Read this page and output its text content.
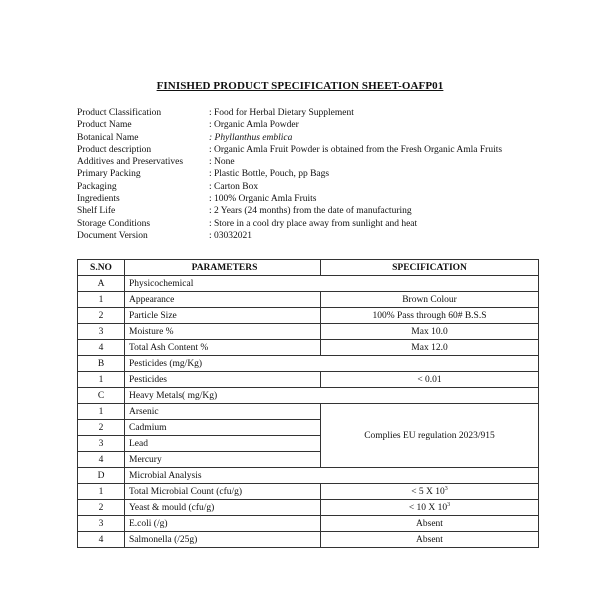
FINISHED PRODUCT SPECIFICATION SHEET-OAFP01
Product Classification	: Food for Herbal Dietary Supplement
Product Name	: Organic Amla Powder
Botanical Name	: Phyllanthus emblica
Product description	: Organic Amla Fruit Powder is obtained from the Fresh Organic Amla Fruits
Additives and Preservatives	: None
Primary Packing	: Plastic Bottle, Pouch, pp Bags
Packaging	: Carton Box
Ingredients	: 100% Organic Amla Fruits
Shelf Life	: 2 Years (24 months) from the date of manufacturing
Storage Conditions	: Store in a cool dry place away from sunlight and heat
Document Version	: 03032021
S.NO	PARAMETERS	SPECIFICATION
A	Physicochemical	
1	Appearance	Brown Colour
2	Particle Size	100% Pass through 60# B.S.S
3	Moisture %	Max 10.0
4	Total Ash Content %	Max 12.0
B	Pesticides (mg/Kg)	
1	Pesticides	< 0.01
C	Heavy Metals( mg/Kg)	
1	Arsenic	Complies EU regulation 2023/915
2	Cadmium	
3	Lead	
4	Mercury	
D	Microbial Analysis	
1	Total Microbial Count (cfu/g)	< 5 X $10^3$
2	Yeast & mould (cfu/g)	< 10 X $10^3$
3	E.coli (/g)	Absent
4	Salmonella (/25g)	Absent
